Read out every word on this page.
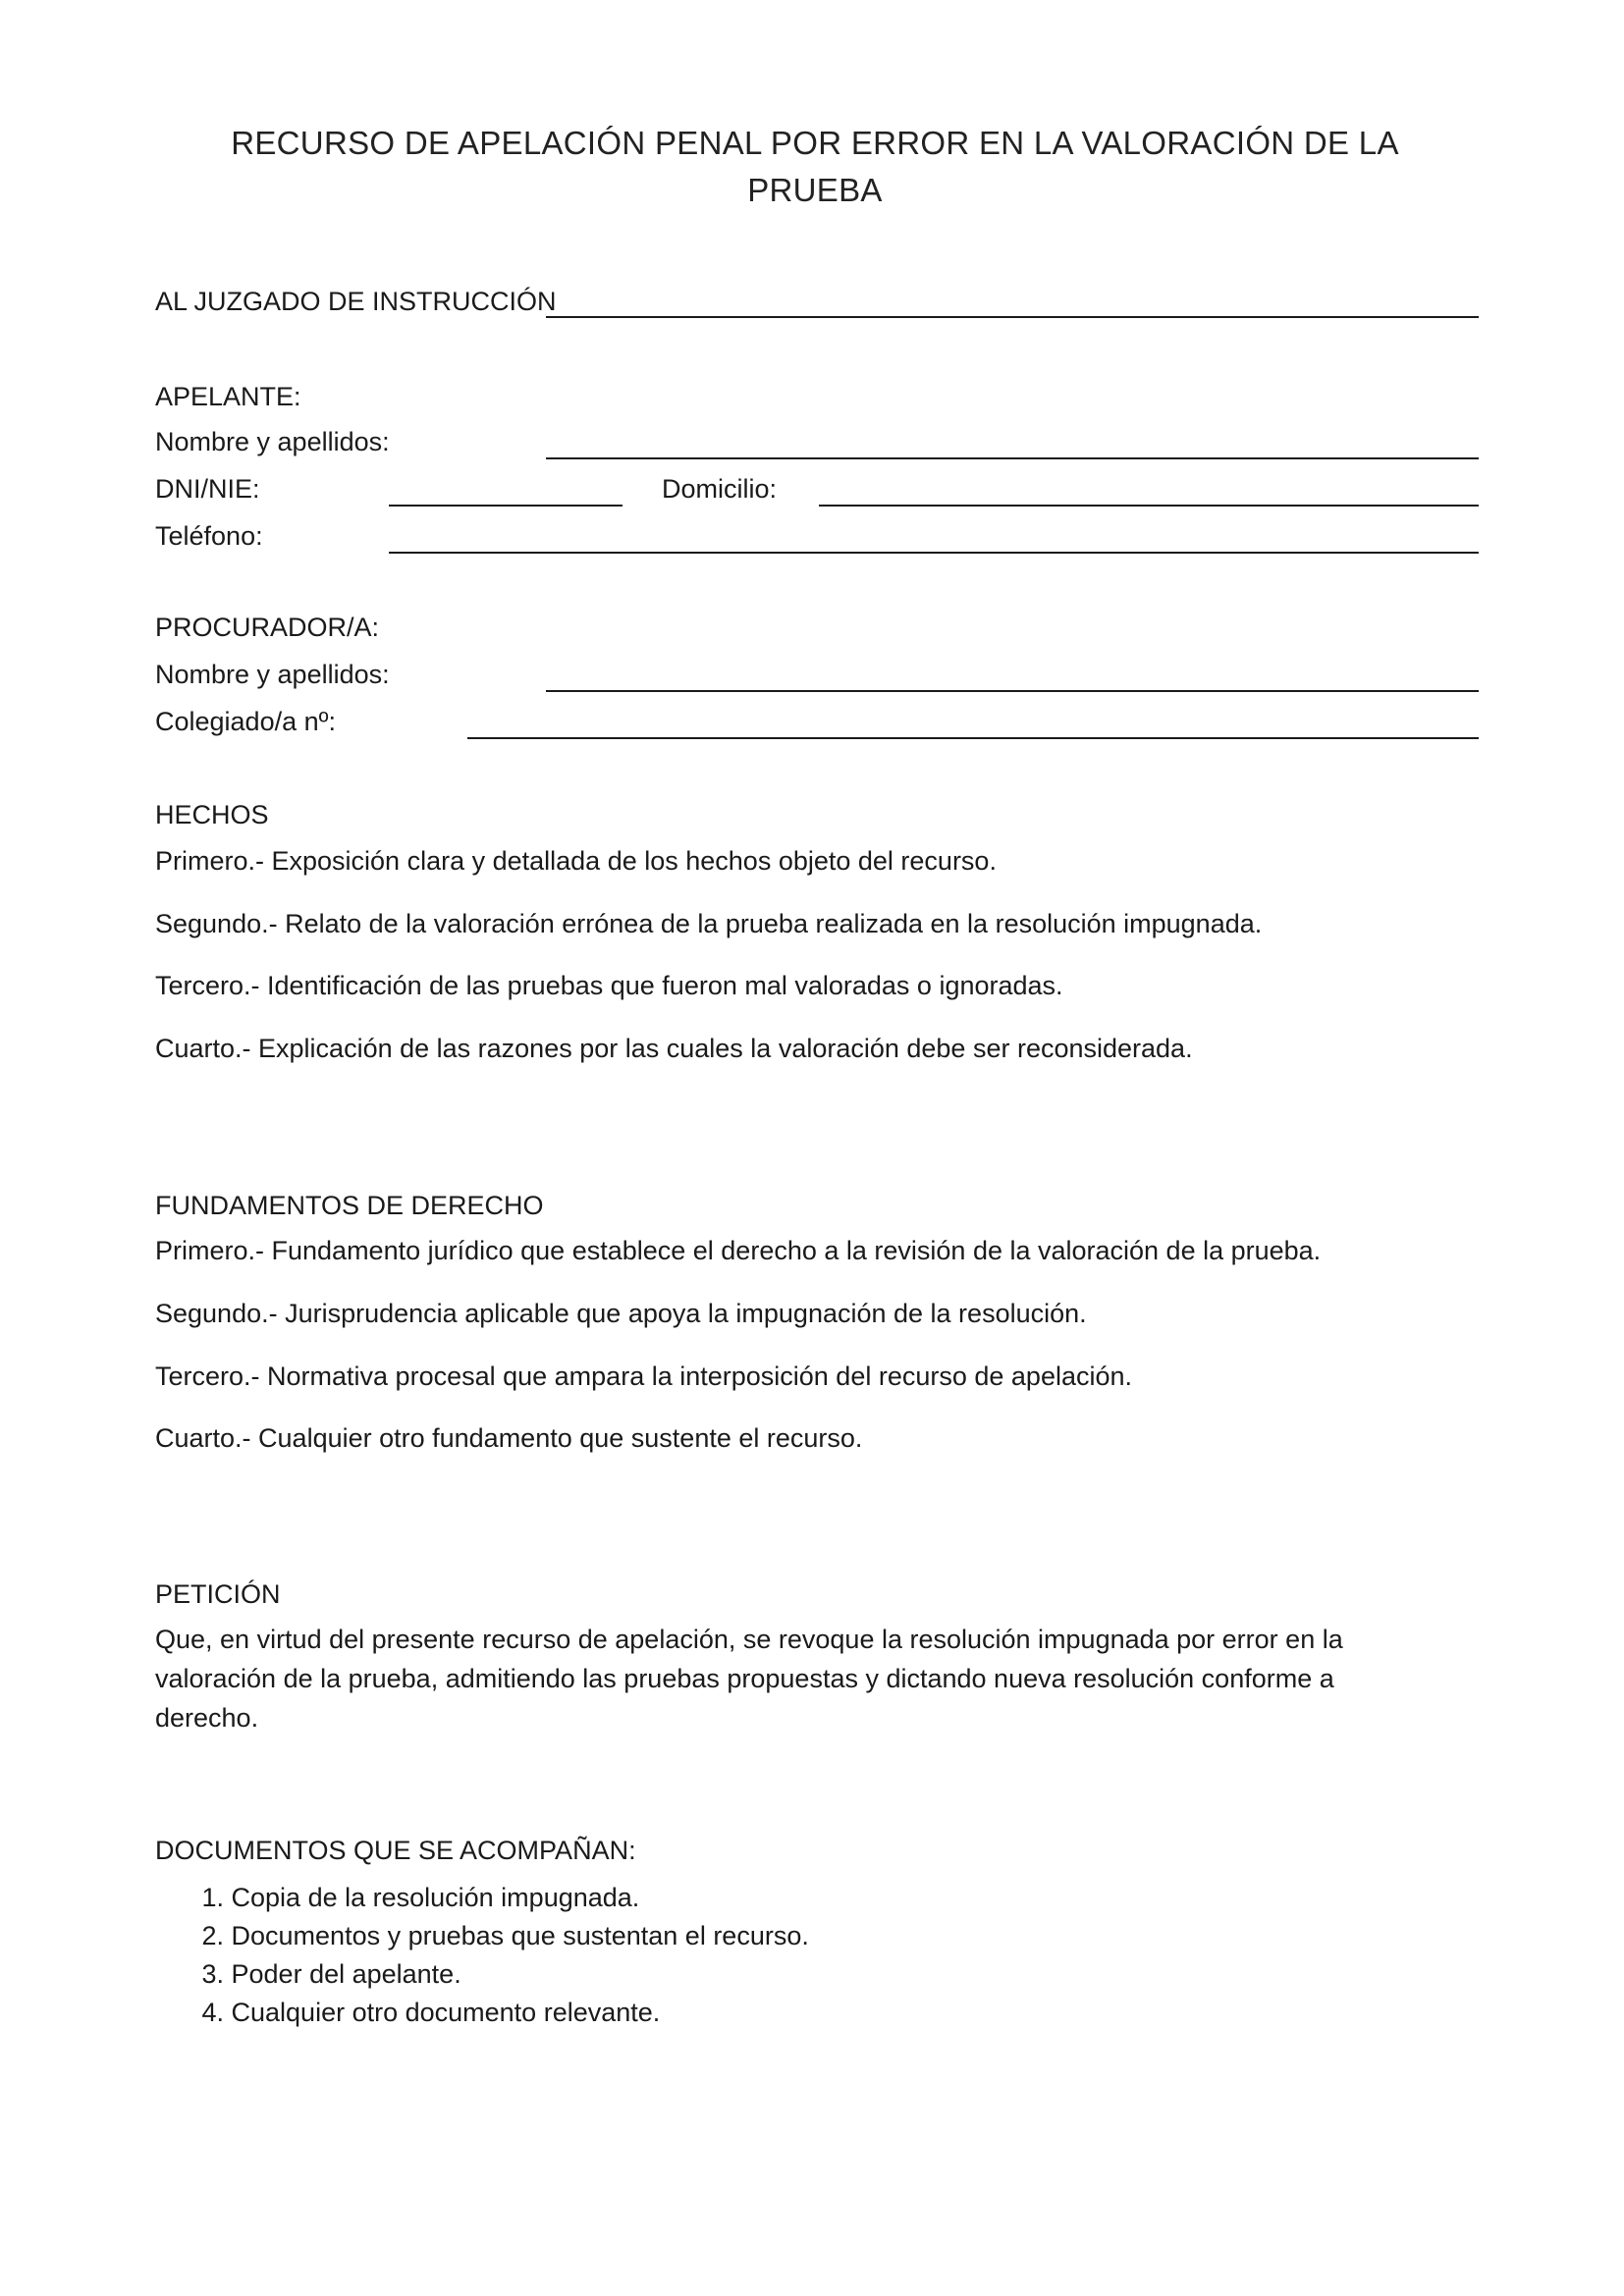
RECURSO DE APELACIÓN PENAL POR ERROR EN LA VALORACIÓN DE LA PRUEBA
AL JUZGADO DE INSTRUCCIÓN
APELANTE:
Nombre y apellidos:
DNI/NIE:	Domicilio:
Teléfono:
PROCURADOR/A:
Nombre y apellidos:
Colegiado/a nº:
HECHOS
Primero.- Exposición clara y detallada de los hechos objeto del recurso.
Segundo.- Relato de la valoración errónea de la prueba realizada en la resolución impugnada.
Tercero.- Identificación de las pruebas que fueron mal valoradas o ignoradas.
Cuarto.- Explicación de las razones por las cuales la valoración debe ser reconsiderada.
FUNDAMENTOS DE DERECHO
Primero.- Fundamento jurídico que establece el derecho a la revisión de la valoración de la prueba.
Segundo.- Jurisprudencia aplicable que apoya la impugnación de la resolución.
Tercero.- Normativa procesal que ampara la interposición del recurso de apelación.
Cuarto.- Cualquier otro fundamento que sustente el recurso.
PETICIÓN
Que, en virtud del presente recurso de apelación, se revoque la resolución impugnada por error en la valoración de la prueba, admitiendo las pruebas propuestas y dictando nueva resolución conforme a derecho.
DOCUMENTOS QUE SE ACOMPAÑAN:
1. Copia de la resolución impugnada.
2. Documentos y pruebas que sustentan el recurso.
3. Poder del apelante.
4. Cualquier otro documento relevante.
